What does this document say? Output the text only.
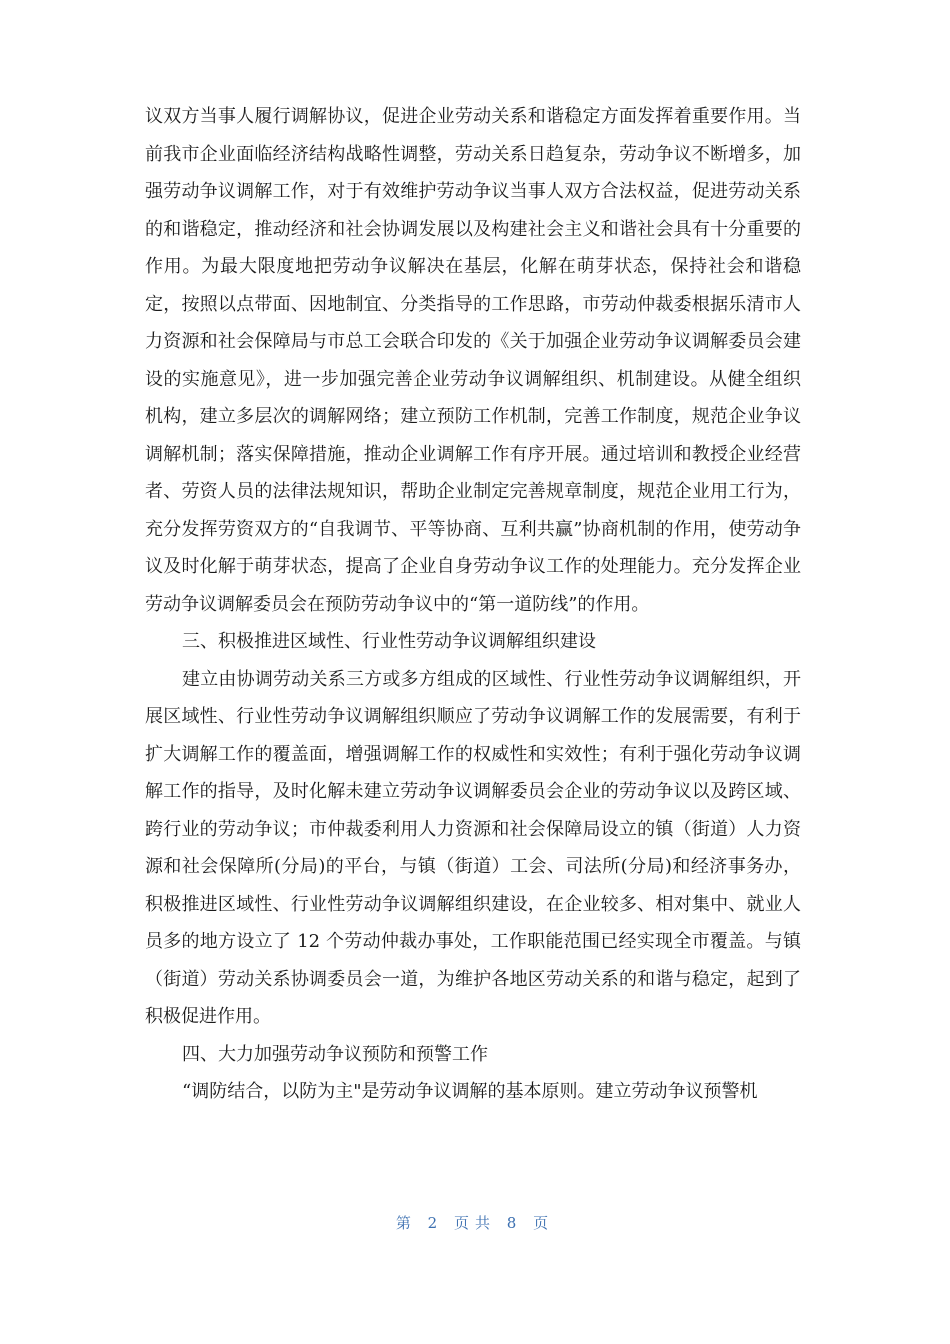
议双方当事人履行调解协议，促进企业劳动关系和谐稳定方面发挥着重要作用。当前我市企业面临经济结构战略性调整，劳动关系日趋复杂，劳动争议不断增多，加强劳动争议调解工作，对于有效维护劳动争议当事人双方合法权益，促进劳动关系的和谐稳定，推动经济和社会协调发展以及构建社会主义和谐社会具有十分重要的作用。为最大限度地把劳动争议解决在基层，化解在萌芽状态，保持社会和谐稳定，按照以点带面、因地制宜、分类指导的工作思路，市劳动仲裁委根据乐清市人力资源和社会保障局与市总工会联合印发的《关于加强企业劳动争议调解委员会建设的实施意见》，进一步加强完善企业劳动争议调解组织、机制建设。从健全组织机构，建立多层次的调解网络；建立预防工作机制，完善工作制度，规范企业争议调解机制；落实保障措施，推动企业调解工作有序开展。通过培训和教授企业经营者、劳资人员的法律法规知识，帮助企业制定完善规章制度，规范企业用工行为，充分发挥劳资双方的“自我调节、平等协商、互利共赢”协商机制的作用，使劳动争议及时化解于萌芽状态，提高了企业自身劳动争议工作的处理能力。充分发挥企业劳动争议调解委员会在预防劳动争议中的“第一道防线”的作用。

三、积极推进区域性、行业性劳动争议调解组织建设

建立由协调劳动关系三方或多方组成的区域性、行业性劳动争议调解组织，开展区域性、行业性劳动争议调解组织顺应了劳动争议调解工作的发展需要，有利于扩大调解工作的覆盖面，增强调解工作的权威性和实效性；有利于强化劳动争议调解工作的指导，及时化解未建立劳动争议调解委员会企业的劳动争议以及跨区域、跨行业的劳动争议；市仲裁委利用人力资源和社会保障局设立的镇（街道）人力资源和社会保障所(分局)的平台，与镇（街道）工会、司法所(分局)和经济事务办，积极推进区域性、行业性劳动争议调解组织建设，在企业较多、相对集中、就业人员多的地方设立了 12 个劳动仲裁办事处，工作职能范围已经实现全市覆盖。与镇（街道）劳动关系协调委员会一道，为维护各地区劳动关系的和谐与稳定，起到了积极促进作用。

四、大力加强劳动争议预防和预警工作

“调防结合，以防为主"是劳动争议调解的基本原则。建立劳动争议预警机

第 2 页共 8 页
